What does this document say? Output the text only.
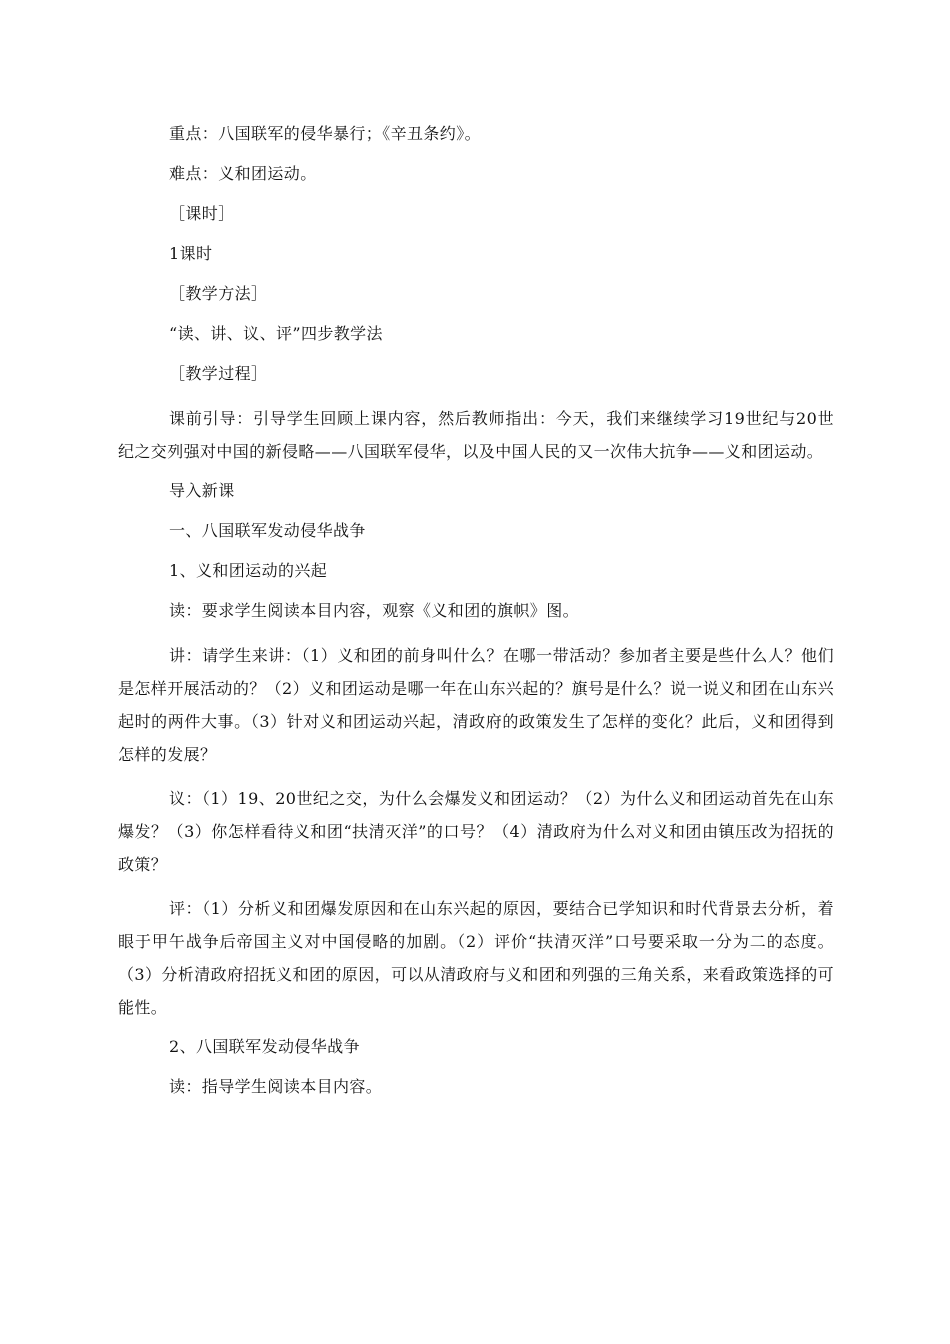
重点：八国联军的侵华暴行；《辛丑条约》。

难点：义和团运动。

［课时］

1课时

［教学方法］

“读、讲、议、评”四步教学法

［教学过程］

课前引导：引导学生回顾上课内容，然后教师指出：今天，我们来继续学习19世纪与20世纪之交列强对中国的新侵略——八国联军侵华，以及中国人民的又一次伟大抗争——义和团运动。

导入新课

一、八国联军发动侵华战争

1、义和团运动的兴起

读：要求学生阅读本目内容，观察《义和团的旗帜》图。

讲：请学生来讲：（1）义和团的前身叫什么？在哪一带活动？参加者主要是些什么人？他们是怎样开展活动的？（2）义和团运动是哪一年在山东兴起的？旗号是什么？说一说义和团在山东兴起时的两件大事。（3）针对义和团运动兴起，清政府的政策发生了怎样的变化？此后，义和团得到怎样的发展？

议：（1）19、20世纪之交，为什么会爆发义和团运动？（2）为什么义和团运动首先在山东爆发？（3）你怎样看待义和团“扶清灭洋”的口号？（4）清政府为什么对义和团由镇压改为招抚的政策？

评：（1）分析义和团爆发原因和在山东兴起的原因，要结合已学知识和时代背景去分析，着眼于甲午战争后帝国主义对中国侵略的加剧。（2）评价“扶清灭洋”口号要采取一分为二的态度。（3）分析清政府招抚义和团的原因，可以从清政府与义和团和列强的三角关系，来看政策选择的可能性。

2、八国联军发动侵华战争

读：指导学生阅读本目内容。
